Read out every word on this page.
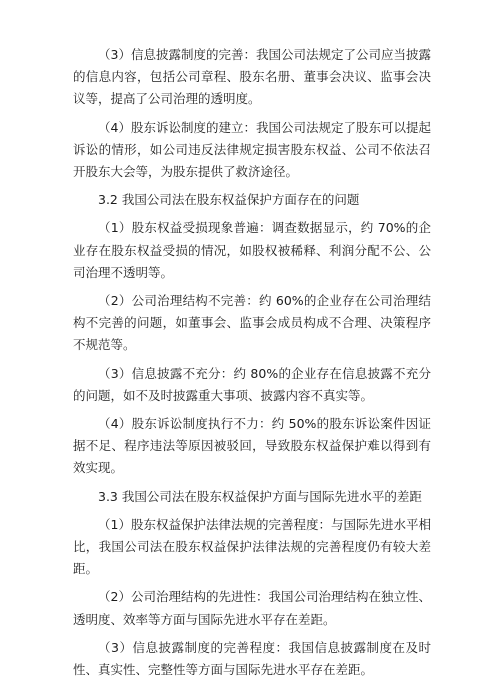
（3）信息披露制度的完善：我国公司法规定了公司应当披露的信息内容，包括公司章程、股东名册、董事会决议、监事会决议等，提高了公司治理的透明度。

（4）股东诉讼制度的建立：我国公司法规定了股东可以提起诉讼的情形，如公司违反法律规定损害股东权益、公司不依法召开股东大会等，为股东提供了救济途径。

3.2 我国公司法在股东权益保护方面存在的问题

（1）股东权益受损现象普遍：调查数据显示，约 70%的企业存在股东权益受损的情况，如股权被稀释、利润分配不公、公司治理不透明等。

（2）公司治理结构不完善：约 60%的企业存在公司治理结构不完善的问题，如董事会、监事会成员构成不合理、决策程序不规范等。

（3）信息披露不充分：约 80%的企业存在信息披露不充分的问题，如不及时披露重大事项、披露内容不真实等。

（4）股东诉讼制度执行不力：约 50%的股东诉讼案件因证据不足、程序违法等原因被驳回，导致股东权益保护难以得到有效实现。

3.3 我国公司法在股东权益保护方面与国际先进水平的差距

（1）股东权益保护法律法规的完善程度：与国际先进水平相比，我国公司法在股东权益保护法律法规的完善程度仍有较大差距。

（2）公司治理结构的先进性：我国公司治理结构在独立性、透明度、效率等方面与国际先进水平存在差距。

（3）信息披露制度的完善程度：我国信息披露制度在及时性、真实性、完整性等方面与国际先进水平存在差距。
